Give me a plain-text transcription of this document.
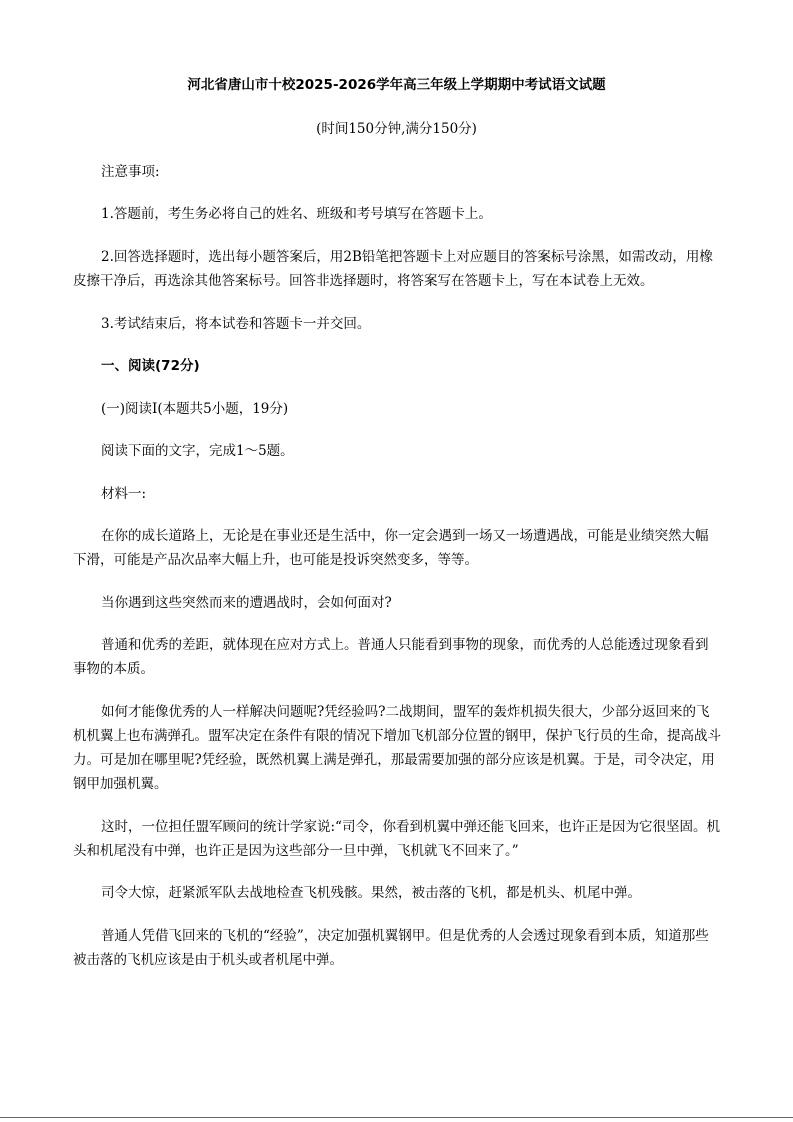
河北省唐山市十校2025-2026学年高三年级上学期期中考试语文试题
(时间150分钟,满分150分)
注意事项:
1.答题前，考生务必将自己的姓名、班级和考号填写在答题卡上。
2.回答选择题时，选出每小题答案后，用2B铅笔把答题卡上对应题目的答案标号涂黑，如需改动，用橡皮擦干净后，再选涂其他答案标号。回答非选择题时，将答案写在答题卡上，写在本试卷上无效。
3.考试结束后，将本试卷和答题卡一并交回。
一、阅读(72分)
(一)阅读Ⅰ(本题共5小题，19分)
阅读下面的文字，完成1～5题。
材料一:
在你的成长道路上，无论是在事业还是生活中，你一定会遇到一场又一场遭遇战，可能是业绩突然大幅下滑，可能是产品次品率大幅上升，也可能是投诉突然变多，等等。
当你遇到这些突然而来的遭遇战时，会如何面对?
普通和优秀的差距，就体现在应对方式上。普通人只能看到事物的现象，而优秀的人总能透过现象看到事物的本质。
如何才能像优秀的人一样解决问题呢?凭经验吗?二战期间，盟军的轰炸机损失很大，少部分返回来的飞机机翼上也布满弹孔。盟军决定在条件有限的情况下增加飞机部分位置的钢甲，保护飞行员的生命，提高战斗力。可是加在哪里呢?凭经验，既然机翼上满是弹孔，那最需要加强的部分应该是机翼。于是，司令决定，用钢甲加强机翼。
这时，一位担任盟军顾问的统计学家说:“司令，你看到机翼中弹还能飞回来，也许正是因为它很坚固。机头和机尾没有中弹，也许正是因为这些部分一旦中弹，飞机就飞不回来了。”
司令大惊，赶紧派军队去战地检查飞机残骸。果然，被击落的飞机，都是机头、机尾中弹。
普通人凭借飞回来的飞机的“经验”，决定加强机翼钢甲。但是优秀的人会透过现象看到本质，知道那些被击落的飞机应该是由于机头或者机尾中弹。
